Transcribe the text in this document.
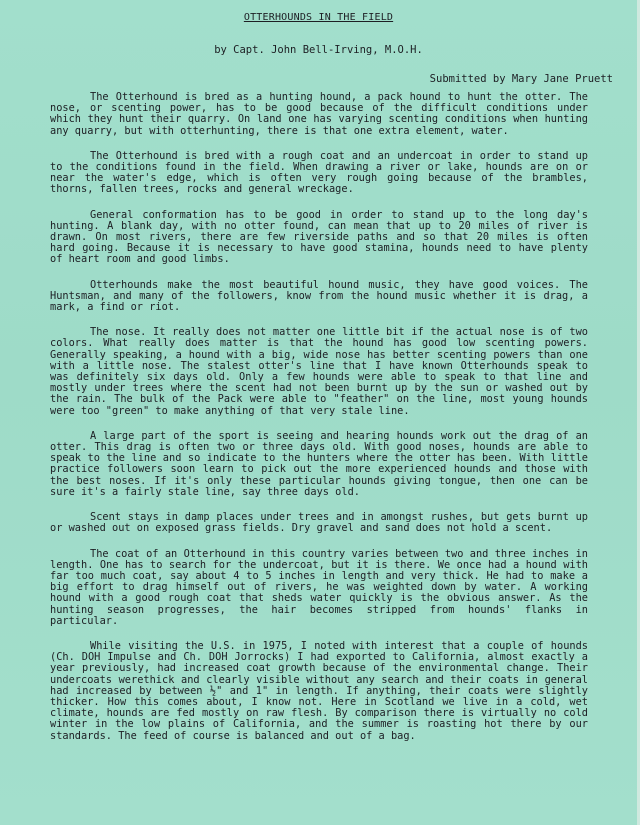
OTTERHOUNDS IN THE FIELD
by Capt. John Bell-Irving, M.O.H.
Submitted by Mary Jane Pruett

The Otterhound is bred as a hunting hound, a pack hound to hunt the otter. The nose, or scenting power, has to be good because of the difficult conditions under which they hunt their quarry. On land one has varying scenting conditions when hunting any quarry, but with otterhunting, there is that one extra element, water.

The Otterhound is bred with a rough coat and an undercoat in order to stand up to the conditions found in the field. When drawing a river or lake, hounds are on or near the water's edge, which is often very rough going because of the brambles, thorns, fallen trees, rocks and general wreckage.

General conformation has to be good in order to stand up to the long day's hunting. A blank day, with no otter found, can mean that up to 20 miles of river is drawn. On most rivers, there are few riverside paths and so that 20 miles is often hard going. Because it is necessary to have good stamina, hounds need to have plenty of heart room and good limbs.

Otterhounds make the most beautiful hound music, they have good voices. The Huntsman, and many of the followers, know from the hound music whether it is drag, a mark, a find or riot.

The nose. It really does not matter one little bit if the actual nose is of two colors. What really does matter is that the hound has good low scenting powers. Generally speaking, a hound with a big, wide nose has better scenting powers than one with a little nose. The stalest otter's line that I have known Otterhounds speak to was definitely six days old. Only a few hounds were able to speak to that line and mostly under trees where the scent had not been burnt up by the sun or washed out by the rain. The bulk of the Pack were able to "feather" on the line, most young hounds were too "green" to make anything of that very stale line.

A large part of the sport is seeing and hearing hounds work out the drag of an otter. This drag is often two or three days old. With good noses, hounds are able to speak to the line and so indicate to the hunters where the otter has been. With little practice followers soon learn to pick out the more experienced hounds and those with the best noses. If it's only these particular hounds giving tongue, then one can be sure it's a fairly stale line, say three days old.

Scent stays in damp places under trees and in amongst rushes, but gets burnt up or washed out on exposed grass fields. Dry gravel and sand does not hold a scent.

The coat of an Otterhound in this country varies between two and three inches in length. One has to search for the undercoat, but it is there. We once had a hound with far too much coat, say about 4 to 5 inches in length and very thick. He had to make a big effort to drag himself out of rivers, he was weighted down by water. A working hound with a good rough coat that sheds water quickly is the obvious answer. As the hunting season progresses, the hair becomes stripped from hounds' flanks in particular.

While visiting the U.S. in 1975, I noted with interest that a couple of hounds (Ch. DOH Impulse and Ch. DOH Jorrocks) I had exported to California, almost exactly a year previously, had increased coat growth because of the environmental change. Their undercoats werethick and clearly visible without any search and their coats in general had increased by between ½" and 1" in length. If anything, their coats were slightly thicker. How this comes about, I know not. Here in Scotland we live in a cold, wet climate, hounds are fed mostly on raw flesh. By comparison there is virtually no cold winter in the low plains of California, and the summer is roasting hot there by our standards. The feed of course is balanced and out of a bag.
